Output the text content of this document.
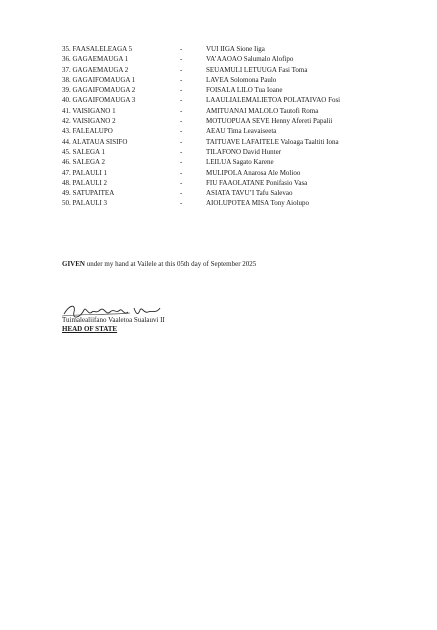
35. FAASALELEAGA 5	-	VUI IIGA Sione Iiga
36. GAGAEMAUGA 1	-	VA’AAOAO Salumalo Alofipo
37. GAGAEMAUGA 2	-	SEUAMULI LETUUGA Fasi Toma
38. GAGAIFOMAUGA 1	-	LAVEA Solomona Paulo
39. GAGAIFOMAUGA 2	-	FOISALA LILO Tua Ioane
40. GAGAIFOMAUGA 3	-	LAAULIALEMALIETOA POLATAIVAO Fosi
41. VAISIGANO 1	-	AMITUANAI MALOLO Tautofi Roma
42. VAISIGANO 2	-	MOTUOPUAA SEVE Henny Afereti Papalii
43. FALEALUPO	-	AEAU Tima Leavaiseeta
44. ALATAUA SISIFO	-	TAITUAVE LAFAITELE Valoaga Taaltiti Iona
45. SALEGA 1	-	TILAFONO David Hunter
46. SALEGA 2	-	LEILUA Sagato Karene
47. PALAULI 1	-	MULIPOLA Anarosa Ale Molioo
48. PALAULI 2	-	FIU FAAOLATANE Ponifasio Vasa
49. SATUPAITEA	-	ASIATA TAVU’I Tafu Salevao
50. PALAULI 3	-	AIOLUPOTEA MISA Tony Aiolupo
GIVEN under my hand at Vailele at this 05th day of September 2025
Tuimalealiifano Vaaletoa Sualauvi II
HEAD OF STATE
